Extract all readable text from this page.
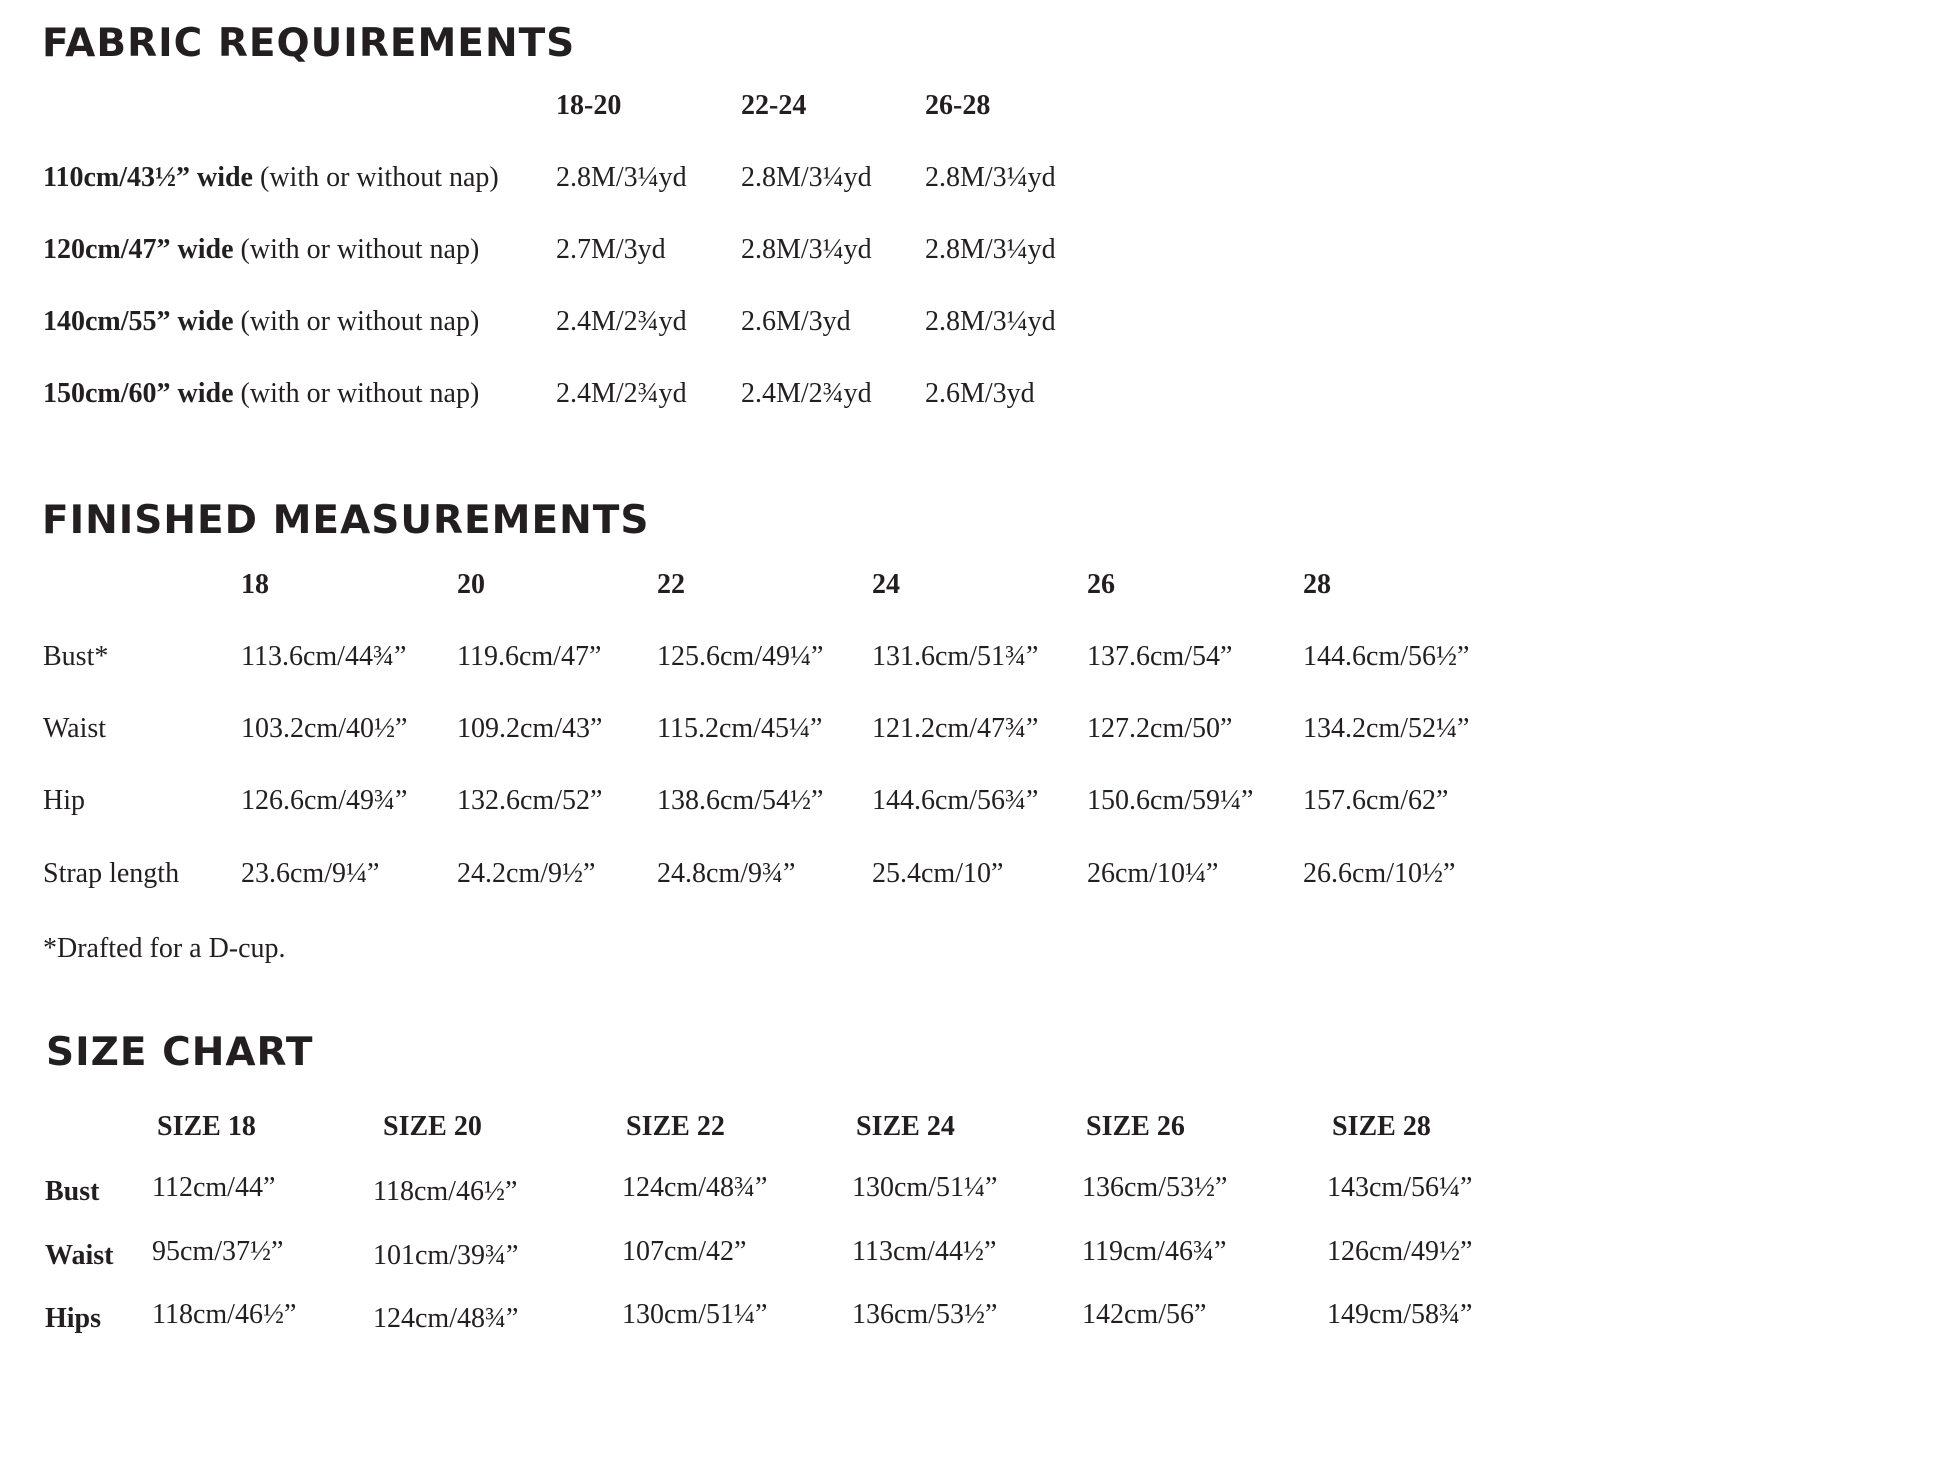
FABRIC REQUIREMENTS
18-20	22-24	26-28
110cm/43½” wide (with or without nap) 2.8M/3¼yd 2.8M/3¼yd 2.8M/3¼yd
120cm/47” wide (with or without nap)	2.7M/3yd	2.8M/3¼yd 2.8M/3¼yd
140cm/55” wide (with or without nap)	2.4M/2¾yd 2.6M/3yd	2.8M/3¼yd
150cm/60” wide (with or without nap)	2.4M/2¾yd 2.4M/2¾yd 2.6M/3yd
FINISHED MEASUREMENTS
18	20	22	24	26	28
Bust*	113.6cm/44¾” 119.6cm/47” 125.6cm/49¼” 131.6cm/51¾” 137.6cm/54”	144.6cm/56½”
Waist	103.2cm/40½” 109.2cm/43” 115.2cm/45¼” 121.2cm/47¾” 127.2cm/50”	134.2cm/52¼”
Hip	126.6cm/49¾” 132.6cm/52” 138.6cm/54½” 144.6cm/56¾” 150.6cm/59¼” 157.6cm/62”
Strap length 23.6cm/9¼”	24.2cm/9½” 24.8cm/9¾”	25.4cm/10”	26cm/10¼”	26.6cm/10½”
*Drafted for a D-cup.
SIZE CHART
SIZE 18	SIZE 20	SIZE 22	SIZE 24	SIZE 26	SIZE 28
Bust 112cm/44”	118cm/46½”	124cm/48¾”	130cm/51¼”	136cm/53½”	143cm/56¼”
Waist 95cm/37½”	101cm/39¾”	107cm/42”	113cm/44½”	119cm/46¾”	126cm/49½”
Hips 118cm/46½”	124cm/48¾”	130cm/51¼”	136cm/53½”	142cm/56”	149cm/58¾”
